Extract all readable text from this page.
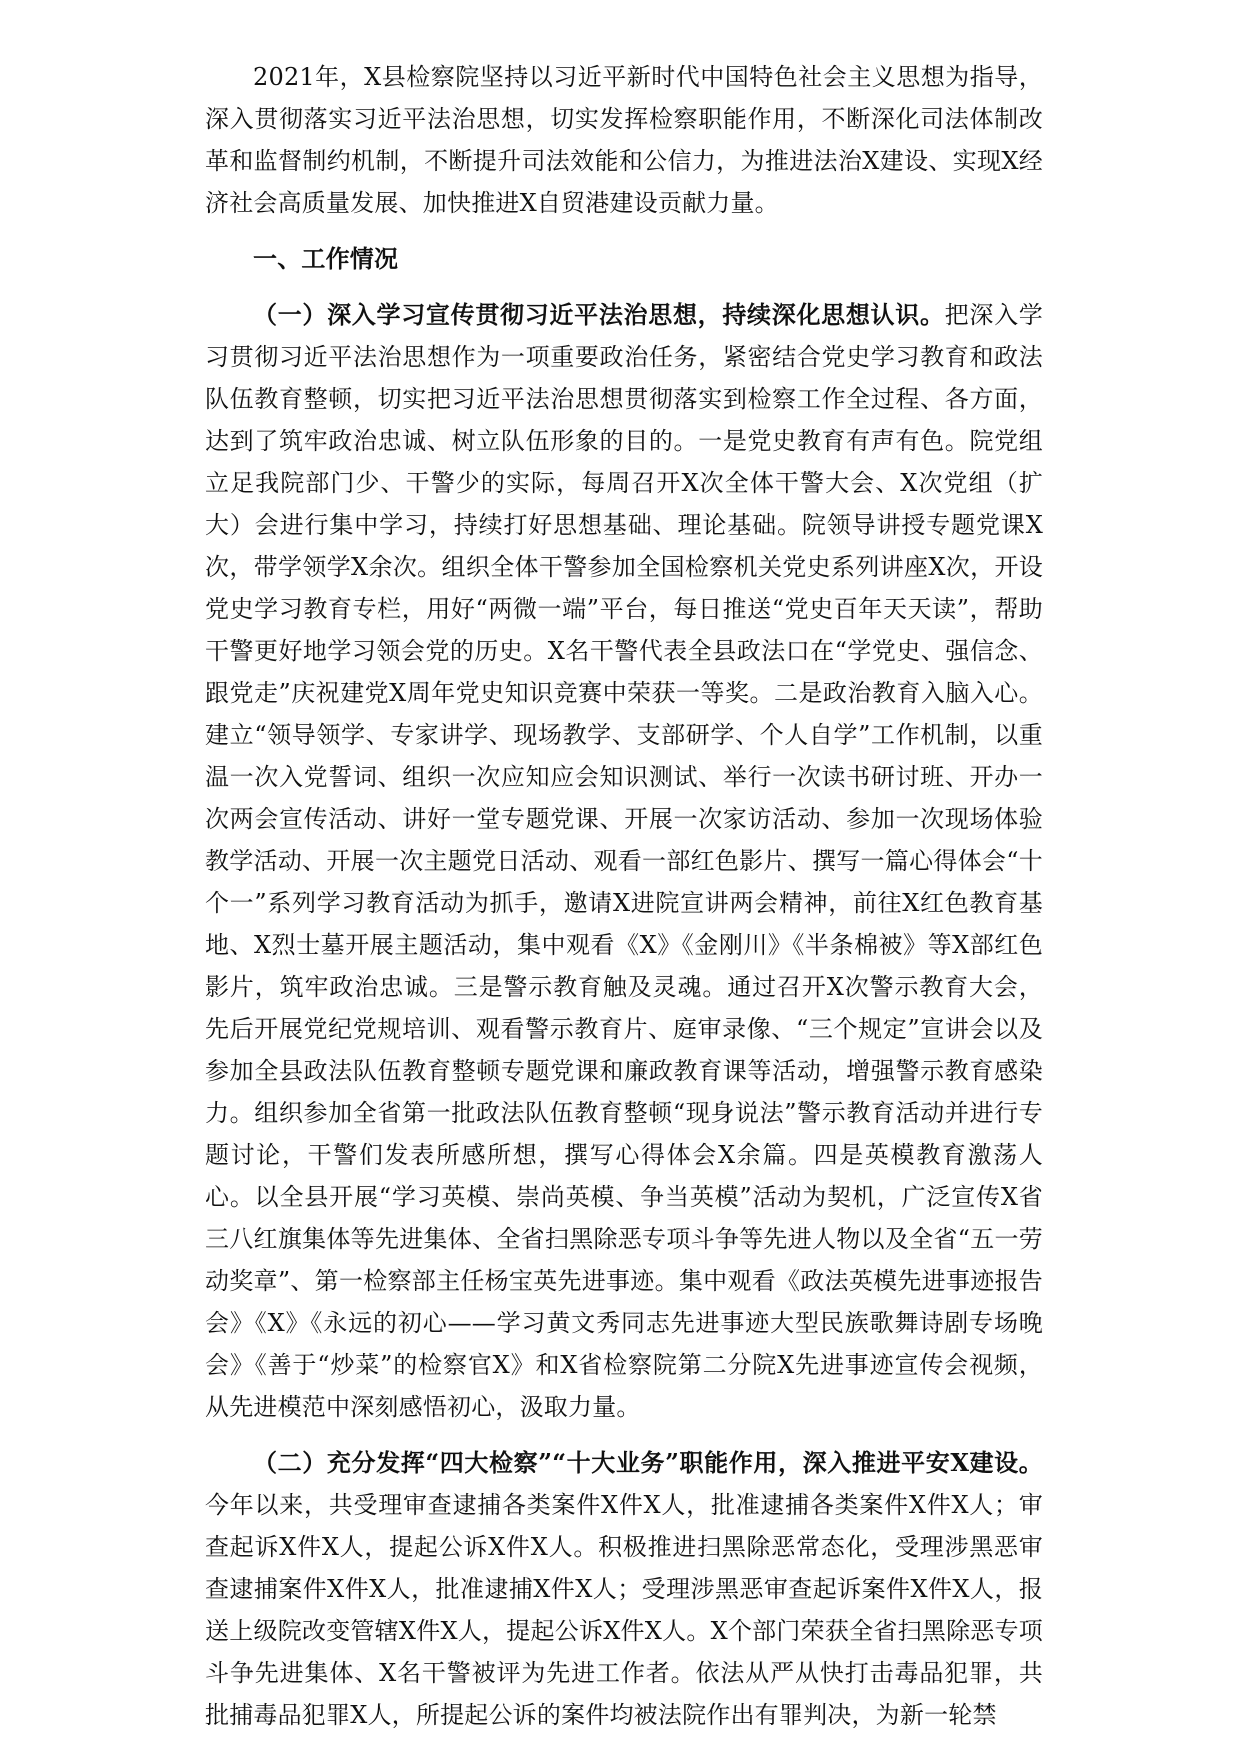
2021年，X县检察院坚持以习近平新时代中国特色社会主义思想为指导，深入贯彻落实习近平法治思想，切实发挥检察职能作用，不断深化司法体制改革和监督制约机制，不断提升司法效能和公信力，为推进法治X建设、实现X经济社会高质量发展、加快推进X自贸港建设贡献力量。

一、工作情况

（一）深入学习宣传贯彻习近平法治思想，持续深化思想认识。把深入学习贯彻习近平法治思想作为一项重要政治任务，紧密结合党史学习教育和政法队伍教育整顿，切实把习近平法治思想贯彻落实到检察工作全过程、各方面，达到了筑牢政治忠诚、树立队伍形象的目的。一是党史教育有声有色。院党组立足我院部门少、干警少的实际，每周召开X次全体干警大会、X次党组（扩大）会进行集中学习，持续打好思想基础、理论基础。院领导讲授专题党课X次，带学领学X余次。组织全体干警参加全国检察机关党史系列讲座X次，开设党史学习教育专栏，用好“两微一端”平台，每日推送“党史百年天天读”，帮助干警更好地学习领会党的历史。X名干警代表全县政法口在“学党史、强信念、跟党走”庆祝建党X周年党史知识竞赛中荣获一等奖。二是政治教育入脑入心。建立“领导领学、专家讲学、现场教学、支部研学、个人自学”工作机制，以重温一次入党誓词、组织一次应知应会知识测试、举行一次读书研讨班、开办一次两会宣传活动、讲好一堂专题党课、开展一次家访活动、参加一次现场体验教学活动、开展一次主题党日活动、观看一部红色影片、撰写一篇心得体会“十个一”系列学习教育活动为抓手，邀请X进院宣讲两会精神，前往X红色教育基地、X烈士墓开展主题活动，集中观看《X》《金刚川》《半条棉被》等X部红色影片，筑牢政治忠诚。三是警示教育触及灵魂。通过召开X次警示教育大会，先后开展党纪党规培训、观看警示教育片、庭审录像、“三个规定”宣讲会以及参加全县政法队伍教育整顿专题党课和廉政教育课等活动，增强警示教育感染力。组织参加全省第一批政法队伍教育整顿“现身说法”警示教育活动并进行专题讨论，干警们发表所感所想，撰写心得体会X余篇。四是英模教育激荡人心。以全县开展“学习英模、崇尚英模、争当英模”活动为契机，广泛宣传X省三八红旗集体等先进集体、全省扫黑除恶专项斗争等先进人物以及全省“五一劳动奖章”、第一检察部主任杨宝英先进事迹。集中观看《政法英模先进事迹报告会》《X》《永远的初心——学习黄文秀同志先进事迹大型民族歌舞诗剧专场晚会》《善于“炒菜”的检察官X》和X省检察院第二分院X先进事迹宣传会视频，从先进模范中深刻感悟初心，汲取力量。

（二）充分发挥“四大检察”“十大业务”职能作用，深入推进平安X建设。今年以来，共受理审查逮捕各类案件X件X人，批准逮捕各类案件X件X人；审查起诉X件X人，提起公诉X件X人。积极推进扫黑除恶常态化，受理涉黑恶审查逮捕案件X件X人，批准逮捕X件X人；受理涉黑恶审查起诉案件X件X人，报送上级院改变管辖X件X人，提起公诉X件X人。X个部门荣获全省扫黑除恶专项斗争先进集体、X名干警被评为先进工作者。依法从严从快打击毒品犯罪，共批捕毒品犯罪X人，所提起公诉的案件均被法院作出有罪判决，为新一轮禁
